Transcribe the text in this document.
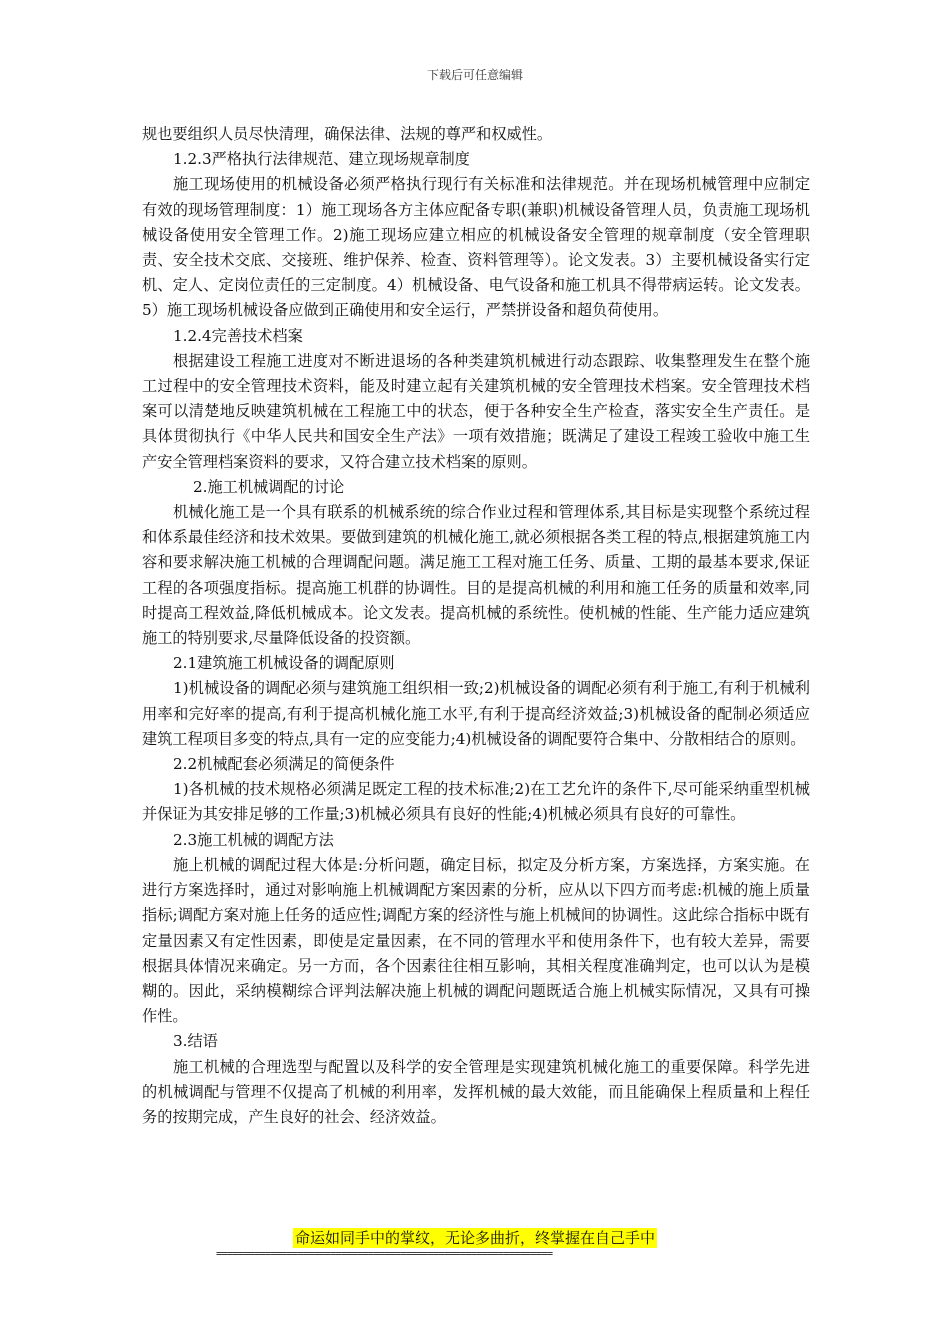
下载后可任意编辑

规也要组织人员尽快清理，确保法律、法规的尊严和权威性。

1.2.3严格执行法律规范、建立现场规章制度

施工现场使用的机械设备必须严格执行现行有关标准和法律规范。并在现场机械管理中应制定有效的现场管理制度：1）施工现场各方主体应配备专职(兼职)机械设备管理人员，负责施工现场机械设备使用安全管理工作。2)施工现场应建立相应的机械设备安全管理的规章制度（安全管理职责、安全技术交底、交接班、维护保养、检查、资料管理等）。论文发表。3）主要机械设备实行定机、定人、定岗位责任的三定制度。4）机械设备、电气设备和施工机具不得带病运转。论文发表。5）施工现场机械设备应做到正确使用和安全运行，严禁拼设备和超负荷使用。

1.2.4完善技术档案

根据建设工程施工进度对不断进退场的各种类建筑机械进行动态跟踪、收集整理发生在整个施工过程中的安全管理技术资料，能及时建立起有关建筑机械的安全管理技术档案。安全管理技术档案可以清楚地反映建筑机械在工程施工中的状态，便于各种安全生产检查，落实安全生产责任。是具体贯彻执行《中华人民共和国安全生产法》一项有效措施；既满足了建设工程竣工验收中施工生产安全管理档案资料的要求，又符合建立技术档案的原则。

2.施工机械调配的讨论

机械化施工是一个具有联系的机械系统的综合作业过程和管理体系,其目标是实现整个系统过程和体系最佳经济和技术效果。要做到建筑的机械化施工,就必须根据各类工程的特点,根据建筑施工内容和要求解决施工机械的合理调配问题。满足施工工程对施工任务、质量、工期的最基本要求,保证工程的各项强度指标。提高施工机群的协调性。目的是提高机械的利用和施工任务的质量和效率,同时提高工程效益,降低机械成本。论文发表。提高机械的系统性。使机械的性能、生产能力适应建筑施工的特别要求,尽量降低设备的投资额。

2.1建筑施工机械设备的调配原则

1)机械设备的调配必须与建筑施工组织相一致;2)机械设备的调配必须有利于施工,有利于机械利用率和完好率的提高,有利于提高机械化施工水平,有利于提高经济效益;3)机械设备的配制必须适应建筑工程项目多变的特点,具有一定的应变能力;4)机械设备的调配要符合集中、分散相结合的原则。

2.2机械配套必须满足的简便条件

1)各机械的技术规格必须满足既定工程的技术标准;2)在工艺允许的条件下,尽可能采纳重型机械并保证为其安排足够的工作量;3)机械必须具有良好的性能;4)机械必须具有良好的可靠性。

2.3施工机械的调配方法

施上机械的调配过程大体是:分析问题，确定目标，拟定及分析方案，方案选择，方案实施。在进行方案选择时，通过对影响施上机械调配方案因素的分析，应从以下四方而考虑:机械的施上质量指标;调配方案对施上任务的适应性;调配方案的经济性与施上机械间的协调性。这此综合指标中既有定量因素又有定性因素，即使是定量因素，在不同的管理水平和使用条件下，也有较大差异，需要根据具体情况来确定。另一方而，各个因素往往相互影响，其相关程度准确判定，也可以认为是模糊的。因此，采纳模糊综合评判法解决施上机械的调配问题既适合施上机械实际情况，又具有可操作性。

3.结语

施工机械的合理选型与配置以及科学的安全管理是实现建筑机械化施工的重要保障。科学先进的机械调配与管理不仅提高了机械的利用率，发挥机械的最大效能，而且能确保上程质量和上程任务的按期完成，产生良好的社会、经济效益。

命运如同手中的掌纹，无论多曲折，终掌握在自己手中
==============================================================
